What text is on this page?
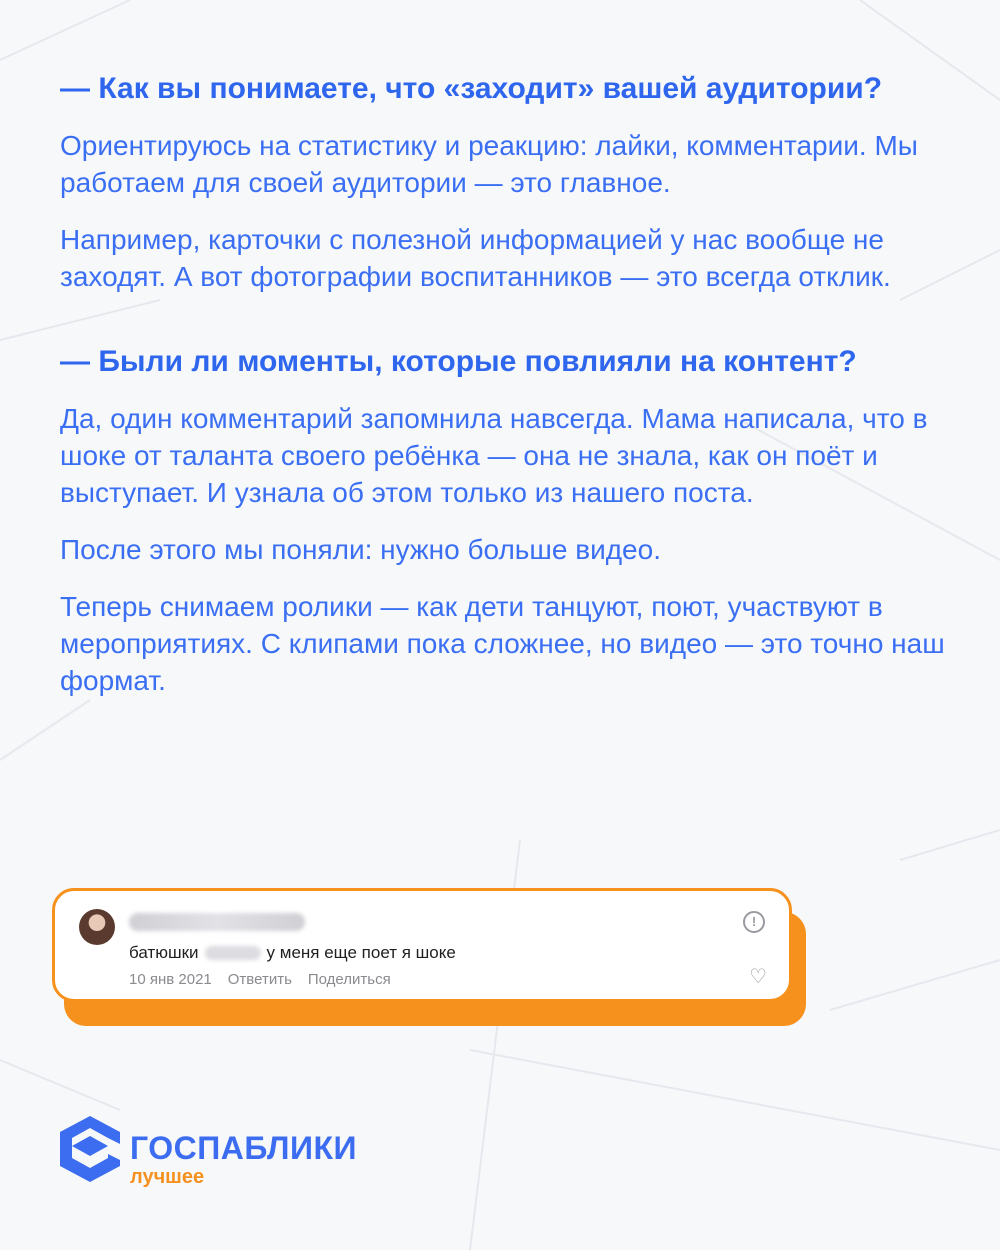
— Как вы понимаете, что «заходит» вашей аудитории?

Ориентируюсь на статистику и реакцию: лайки, комментарии. Мы работаем для своей аудитории — это главное.

Например, карточки с полезной информацией у нас вообще не заходят. А вот фотографии воспитанников — это всегда отклик.

— Были ли моменты, которые повлияли на контент?

Да, один комментарий запомнила навсегда. Мама написала, что в шоке от таланта своего ребёнка — она не знала, как он поёт и выступает. И узнала об этом только из нашего поста.

После этого мы поняли: нужно больше видео.

Теперь снимаем ролики — как дети танцуют, поют, участвуют в мероприятиях. С клипами пока сложнее, но видео — это точно наш формат.

батюшки	у меня еще поет я шоке
10 янв 2021 Ответить Поделиться
!
♡
ГОСПАБЛИКИ
лучшее
